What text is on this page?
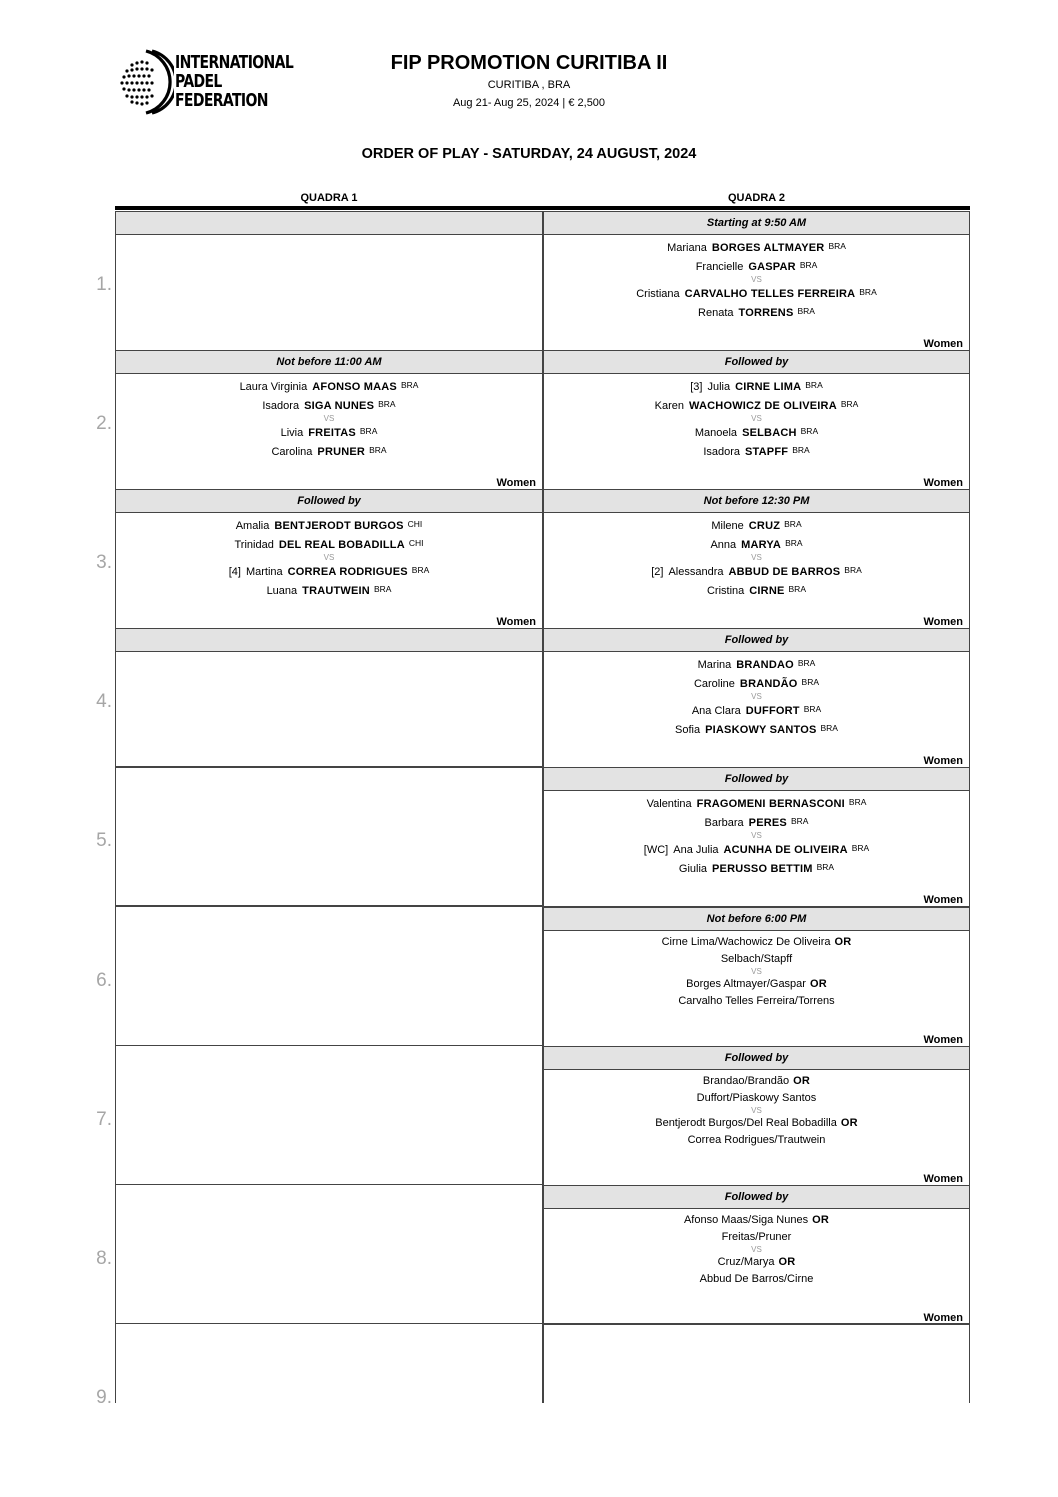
INTERNATIONAL
PADEL
FEDERATION
FIP PROMOTION CURITIBA II
CURITIBA , BRA
Aug 21- Aug 25, 2024 | € 2,500
ORDER OF PLAY - SATURDAY, 24 AUGUST, 2024
QUADRA 1	QUADRA 2
1.
2.
3.
4.
5.
6.
7.
8.
9.
Not before 11:00 AM
Laura Virginia AFONSO MAAS BRA
Isadora SIGA NUNES BRA
VS
Livia FREITAS BRA
Carolina PRUNER BRA
Women
Followed by
Amalia BENTJERODT BURGOS CHI
Trinidad DEL REAL BOBADILLA CHI
VS
[4] Martina CORREA RODRIGUES BRA
Luana TRAUTWEIN BRA
Women
Starting at 9:50 AM
Mariana BORGES ALTMAYER BRA
Francielle GASPAR BRA
VS
Cristiana CARVALHO TELLES FERREIRA BRA
Renata TORRENS BRA
Women
Followed by
[3] Julia CIRNE LIMA BRA
Karen WACHOWICZ DE OLIVEIRA BRA
VS
Manoela SELBACH BRA
Isadora STAPFF BRA
Women
Not before 12:30 PM
Milene CRUZ BRA
Anna MARYA BRA
VS
[2] Alessandra ABBUD DE BARROS BRA
Cristina CIRNE BRA
Women
Followed by
Marina BRANDAO BRA
Caroline BRANDÃO BRA
VS
Ana Clara DUFFORT BRA
Sofia PIASKOWY SANTOS BRA
Women
Followed by
Valentina FRAGOMENI BERNASCONI BRA
Barbara PERES BRA
VS
[WC] Ana Julia ACUNHA DE OLIVEIRA BRA
Giulia PERUSSO BETTIM BRA
Women
Not before 6:00 PM
Cirne Lima/Wachowicz De Oliveira OR
Selbach/Stapff
VS
Borges Altmayer/Gaspar OR
Carvalho Telles Ferreira/Torrens
Women
Followed by
Brandao/Brandão OR
Duffort/Piaskowy Santos
VS
Bentjerodt Burgos/Del Real Bobadilla OR
Correa Rodrigues/Trautwein
Women
Followed by
Afonso Maas/Siga Nunes OR
Freitas/Pruner
VS
Cruz/Marya OR
Abbud De Barros/Cirne
Women
